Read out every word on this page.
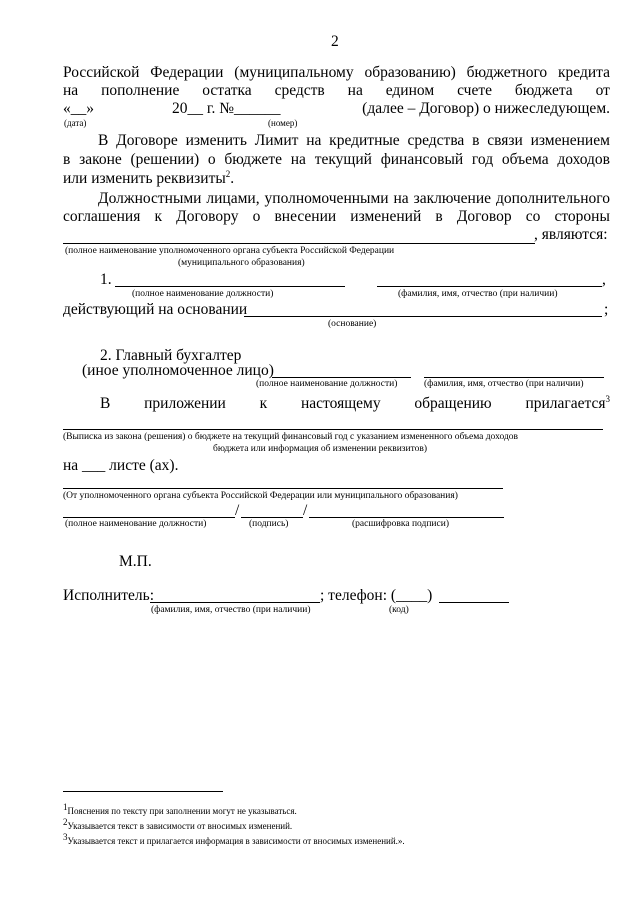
2
Российской Федерации (муниципальному образованию) бюджетного кредита
на пополнение остатка средств на едином счете бюджета от
«__»	20__ г. №______	(далее – Договор) о нижеследующем.
(дата)	(номер)
В Договоре изменить Лимит на кредитные средства в связи изменением
в законе (решении) о бюджете на текущий финансовый год объема доходов
или изменить реквизиты$^2$.
Должностными лицами, уполномоченными на заключение дополнительного
соглашения к Договору о внесении изменений в Договор со стороны
, являются:
(полное наименование уполномоченного органа субъекта Российской Федерации
(муниципального образования)
1.	,
(полное наименование должности)	(фамилия, имя, отчество (при наличии)
действующий на основании	;
(основание)
2. Главный бухгалтер
(иное уполномоченное лицо)
(полное наименование должности)	(фамилия, имя, отчество (при наличии)
В приложении к настоящему обращению прилагается$^3$
(Выписка из закона (решения) о бюджете на текущий финансовый год с указанием измененного объема доходов
бюджета или информация об изменении реквизитов)
на ___ листе (ах).
(От уполномоченного органа субъекта Российской Федерации или муниципального образования)
/	/
(полное наименование должности)	(подпись)	(расшифровка подписи)
М.П.
Исполнитель:	; телефон: (____)
(фамилия, имя, отчество (при наличии)	(код)
$^1$Пояснения по тексту при заполнении могут не указываться.
$^2$Указывается текст в зависимости от вносимых изменений.
$^3$Указывается текст и прилагается информация в зависимости от вносимых изменений.».
